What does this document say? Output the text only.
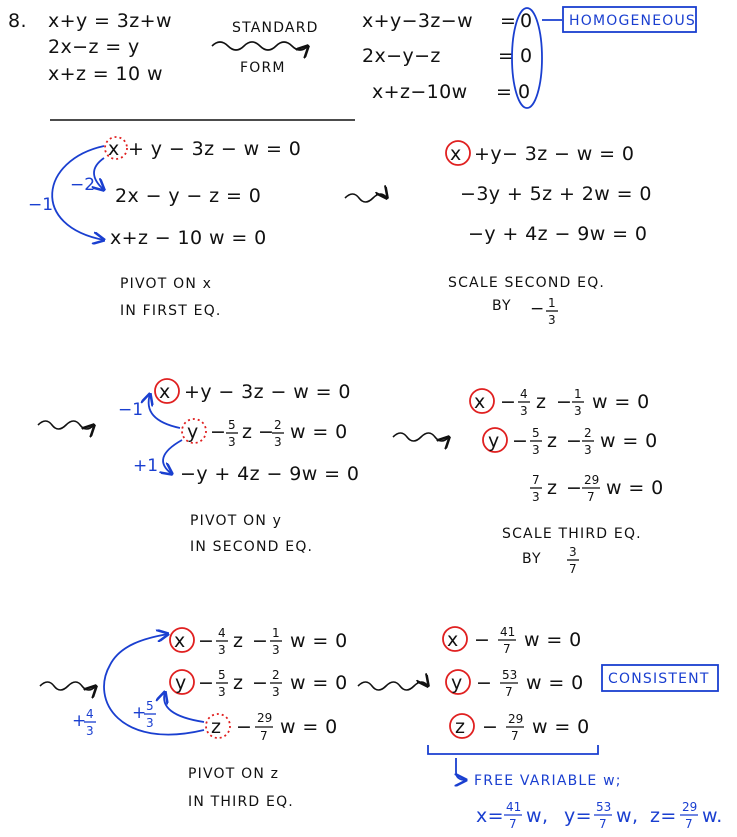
8. x+y = 3z+w
2x−z = y
x+z = 10 w
STANDARD
FORM
x+y−3z−w
2x−y−z
x+z−10w
=
=
=
0
0
0
HOMOGENEOUS
x + y − 3z − w = 0
2x − y − z = 0
x+z − 10 w = 0
−2
−1
PIVOT ON x
IN FIRST EQ.
x +y− 3z − w = 0
−3y + 5z + 2w = 0
−y + 4z − 9w = 0
SCALE SECOND EQ.
BY − 1
3
x +y − 3z − w = 0
y − 5
3 z − 2
3 w = 0
−y + 4z − 9w = 0
−1
+1
PIVOT ON y
IN SECOND EQ.
x − 4
3 z − 1
3 w = 0
y − 5
3 z − 2
3 w = 0
7
3 z − 29
7 w = 0
SCALE THIRD EQ.
BY 3
7
x − 4
3 z − 1
3 w = 0
y − 5
3 z − 2
3 w = 0
z − 29
7 w = 0
+ 4
3
+ 5
3
PIVOT ON z
IN THIRD EQ.
x − 41
7 w = 0
y − 53
7 w = 0
z − 29
7 w = 0
CONSISTENT
FREE VARIABLE w;
x= 41
7 w, y= 53
7 w, z= 29
7 w.
